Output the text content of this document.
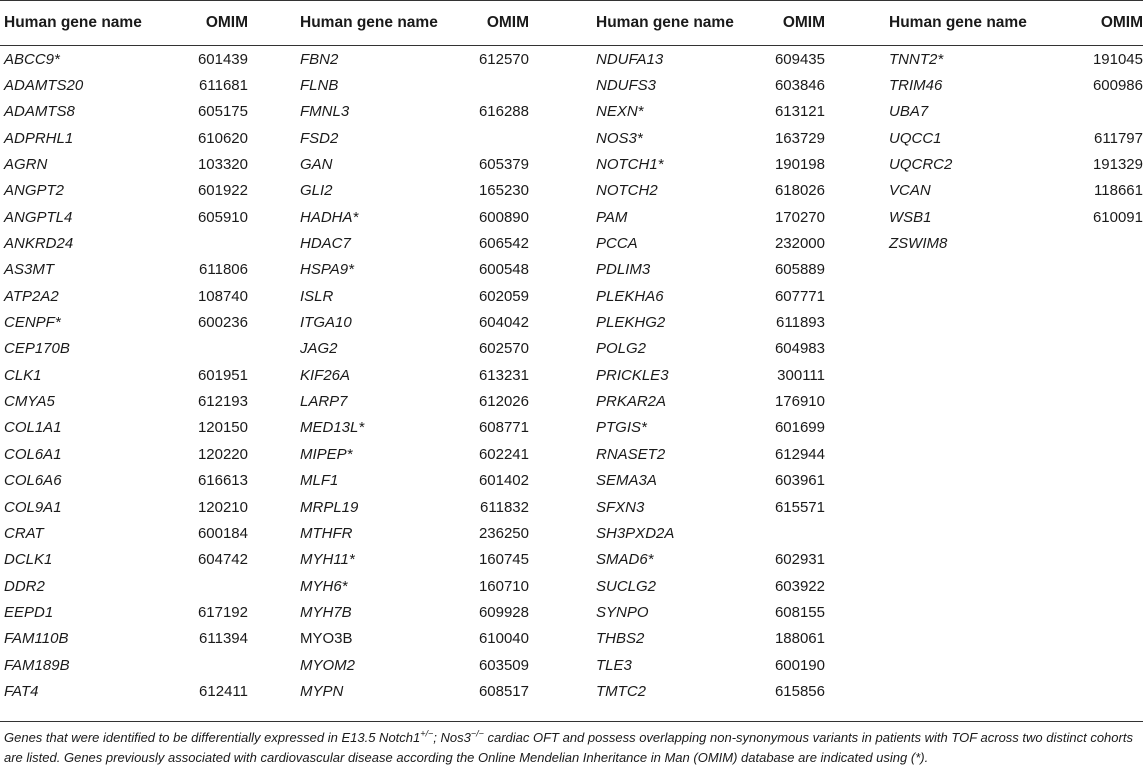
Human gene name	OMIM		Human gene name	OMIM		Human gene name	OMIM		Human gene name	OMIM
ABCC9*	601439		FBN2	612570		NDUFA13	609435		TNNT2*	191045
ADAMTS20	611681		FLNB			NDUFS3	603846		TRIM46	600986
ADAMTS8	605175		FMNL3	616288		NEXN*	613121		UBA7	
ADPRHL1	610620		FSD2			NOS3*	163729		UQCC1	611797
AGRN	103320		GAN	605379		NOTCH1*	190198		UQCRC2	191329
ANGPT2	601922		GLI2	165230		NOTCH2	618026		VCAN	118661
ANGPTL4	605910		HADHA*	600890		PAM	170270		WSB1	610091
ANKRD24			HDAC7	606542		PCCA	232000		ZSWIM8	
AS3MT	611806		HSPA9*	600548		PDLIM3	605889			
ATP2A2	108740		ISLR	602059		PLEKHA6	607771			
CENPF*	600236		ITGA10	604042		PLEKHG2	611893			
CEP170B			JAG2	602570		POLG2	604983			
CLK1	601951		KIF26A	613231		PRICKLE3	300111			
CMYA5	612193		LARP7	612026		PRKAR2A	176910			
COL1A1	120150		MED13L*	608771		PTGIS*	601699			
COL6A1	120220		MIPEP*	602241		RNASET2	612944			
COL6A6	616613		MLF1	601402		SEMA3A	603961			
COL9A1	120210		MRPL19	611832		SFXN3	615571			
CRAT	600184		MTHFR	236250		SH3PXD2A				
DCLK1	604742		MYH11*	160745		SMAD6*	602931			
DDR2			MYH6*	160710		SUCLG2	603922			
EEPD1	617192		MYH7B	609928		SYNPO	608155			
FAM110B	611394		MYO3B	610040		THBS2	188061			
FAM189B			MYOM2	603509		TLE3	600190			
FAT4	612411		MYPN	608517		TMTC2	615856			
Genes that were identified to be differentially expressed in E13.5 Notch1+/−; Nos3−/− cardiac OFT and possess overlapping non-synonymous variants in patients with TOF across two distinct cohorts are listed. Genes previously associated with cardiovascular disease according the Online Mendelian Inheritance in Man (OMIM) database are indicated using (*).
